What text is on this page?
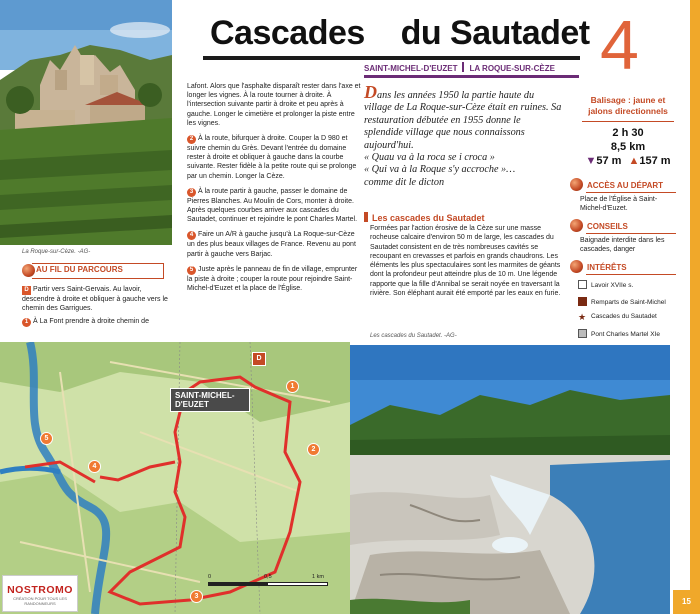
La Roque-sur-Cèze. -AG-
Cascades    du Sautadet
SAINT-MICHEL-D'EUZET LA ROQUE-SUR-CÈZE 4
AU FIL DU PARCOURS

D Partir vers Saint-Gervais. Au lavoir, descendre à droite et obliquer à gauche vers le chemin des Garrigues.

1 À La Font prendre à droite chemin de

Lafont. Alors que l'asphalte disparaît rester dans l'axe et longer les vignes. À la route tourner à droite. À l'intersection suivante partir à droite et peu après à gauche. Longer le cimetière et prolonger la piste entre les vignes.

2 À la route, bifurquer à droite. Couper la D 980 et suivre chemin du Grès. Devant l'entrée du domaine rester à droite et obliquer à gauche dans la courbe suivante. Rester fidèle à la petite route qui se prolonge par un chemin. Longer la Cèze.

3 À la route partir à gauche, passer le domaine de Pierres Blanches. Au Moulin de Cors, monter à droite. Après quelques courbes arriver aux cascades du Sautadet, continuer et rejoindre le pont Charles Martel.

4 Faire un A/R à gauche jusqu'à La Roque-sur-Cèze un des plus beaux villages de France. Revenu au pont partir à gauche vers Barjac.

5 Juste après le panneau de fin de village, emprunter la piste à droite ; couper la route pour rejoindre Saint-Michel-d'Euzet et la place de l'Église.

Dans les années 1950 la partie haute du village de La Roque-sur-Cèze était en ruines. Sa restauration débutée en 1955 donne le splendide village que nous connaissons aujourd'hui.
« Quau va à la roca se i croca »
« Qui va à la Roque s'y accroche »…
comme dit le dicton
Les cascades du Sautadet
Formées par l'action érosive de la Cèze sur une masse rocheuse calcaire d'environ 50 m de large, les cascades du Sautadet consistent en de très nombreuses cavités se recoupant en crevasses et parfois en grands chaudrons. Les éléments les plus spectaculaires sont les marmites de géants dont la profondeur peut atteindre plus de 10 m. Une légende rapporte que la fille d'Annibal se serait noyée en traversant la rivière. Son éléphant aurait été emporté par les eaux en furie.
Les cascades du Sautadet. -AG-
Balisage : jaune et jalons directionnels
2 h 30
8,5 km
▼57 m ▲157 m
ACCÈS AU DÉPART
Place de l'Église à Saint-Michel-d'Euzet.
CONSEILS
Baignade interdite dans les cascades, danger
INTÉRÊTS
Lavoir XVIIe s.
Remparts de Saint-Michel
★ Cascades du Sautadet
Pont Charles Martel XIe
SAINT-MICHEL-D'EUZET
D
1
2
3
4
5
0	0,5	1 km
NOSTROMO
CRÉATION POUR TOUS LES RANDONNEURS	15
